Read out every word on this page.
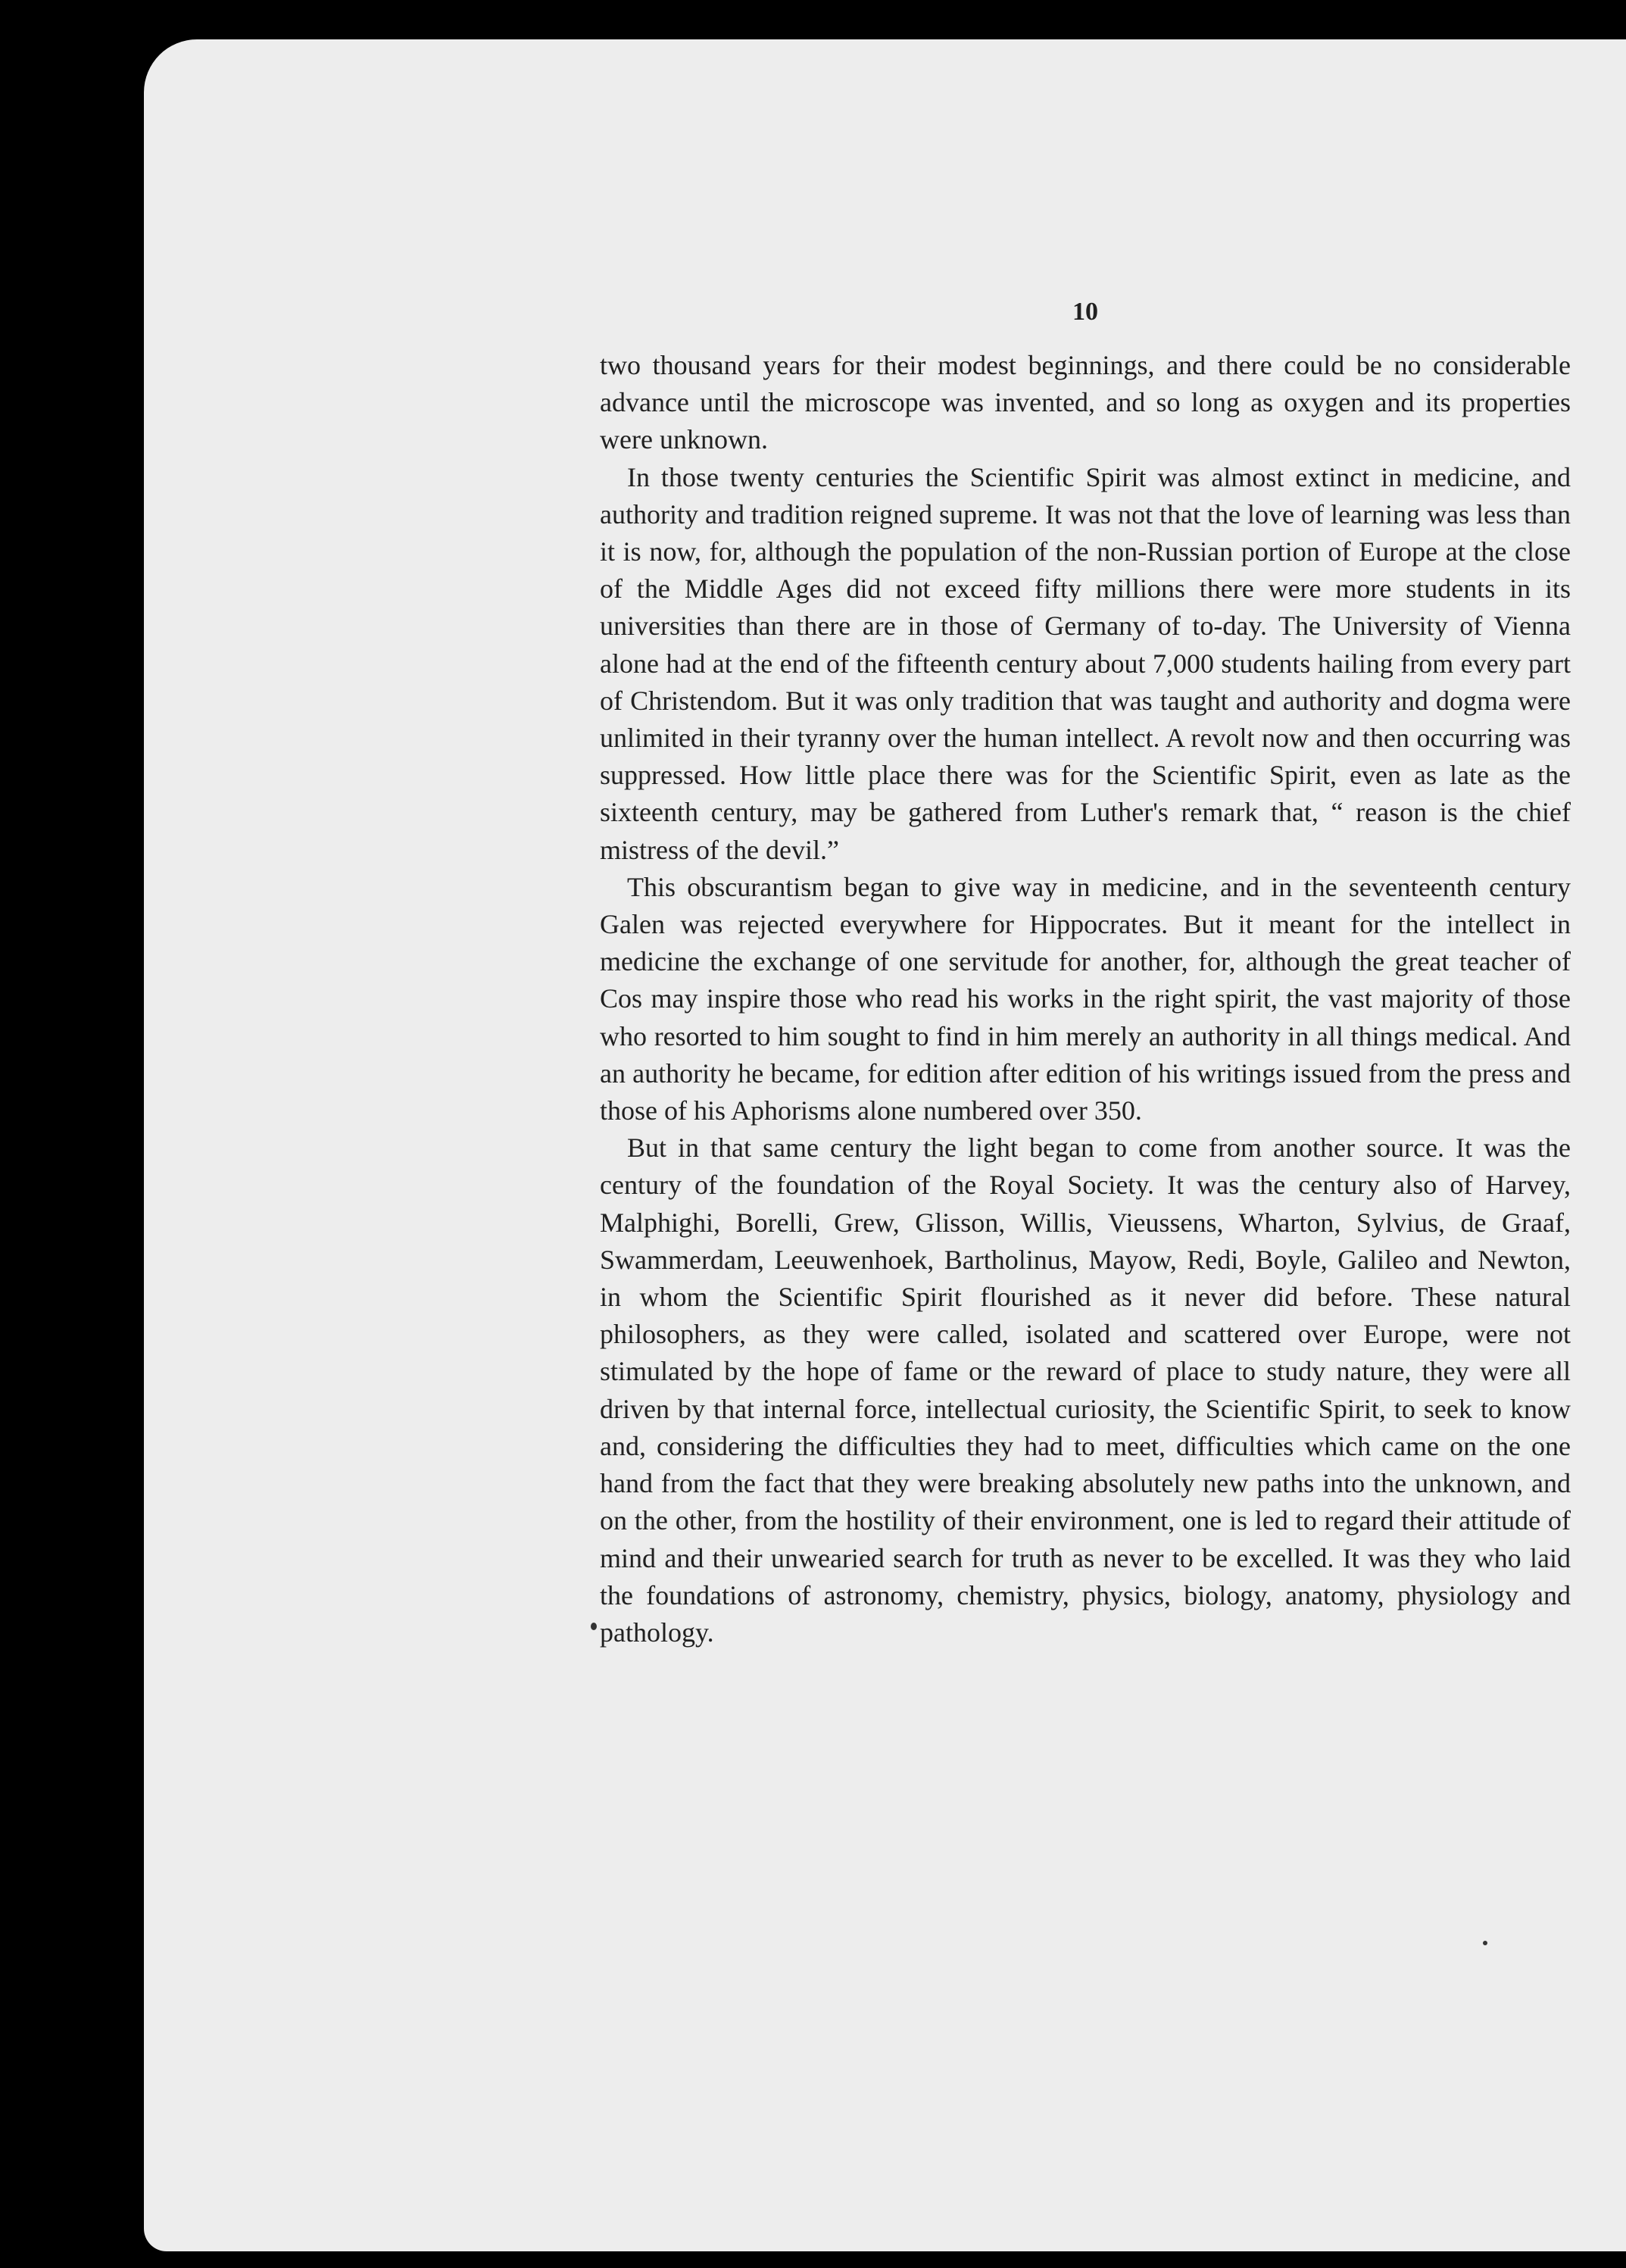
10

two thousand years for their modest beginnings, and there could be no considerable advance until the microscope was invented, and so long as oxygen and its properties were unknown.

In those twenty centuries the Scientific Spirit was almost extinct in medicine, and authority and tradition reigned supreme. It was not that the love of learning was less than it is now, for, although the population of the non-Russian portion of Europe at the close of the Middle Ages did not exceed fifty millions there were more students in its universities than there are in those of Germany of to-day. The University of Vienna alone had at the end of the fifteenth century about 7,000 students hailing from every part of Christendom. But it was only tradition that was taught and authority and dogma were unlimited in their tyranny over the human intellect. A revolt now and then occurring was suppressed. How little place there was for the Scientific Spirit, even as late as the sixteenth century, may be gathered from Luther's remark that, “ reason is the chief mistress of the devil.”

This obscurantism began to give way in medicine, and in the seventeenth century Galen was rejected everywhere for Hippocrates. But it meant for the intellect in medicine the exchange of one servitude for another, for, although the great teacher of Cos may inspire those who read his works in the right spirit, the vast majority of those who resorted to him sought to find in him merely an authority in all things medical. And an authority he became, for edition after edition of his writings issued from the press and those of his Aphorisms alone numbered over 350.

But in that same century the light began to come from another source. It was the century of the foundation of the Royal Society. It was the century also of Harvey, Malphighi, Borelli, Grew, Glisson, Willis, Vieussens, Wharton, Sylvius, de Graaf, Swammerdam, Leeuwenhoek, Bartholinus, Mayow, Redi, Boyle, Galileo and Newton, in whom the Scientific Spirit flourished as it never did before. These natural philosophers, as they were called, isolated and scattered over Europe, were not stimulated by the hope of fame or the reward of place to study nature, they were all driven by that internal force, intellectual curiosity, the Scientific Spirit, to seek to know and, considering the difficulties they had to meet, difficulties which came on the one hand from the fact that they were breaking absolutely new paths into the unknown, and on the other, from the hostility of their environment, one is led to regard their attitude of mind and their unwearied search for truth as never to be excelled. It was they who laid the foundations of astronomy, chemistry, physics, biology, anatomy, physiology and pathology.
